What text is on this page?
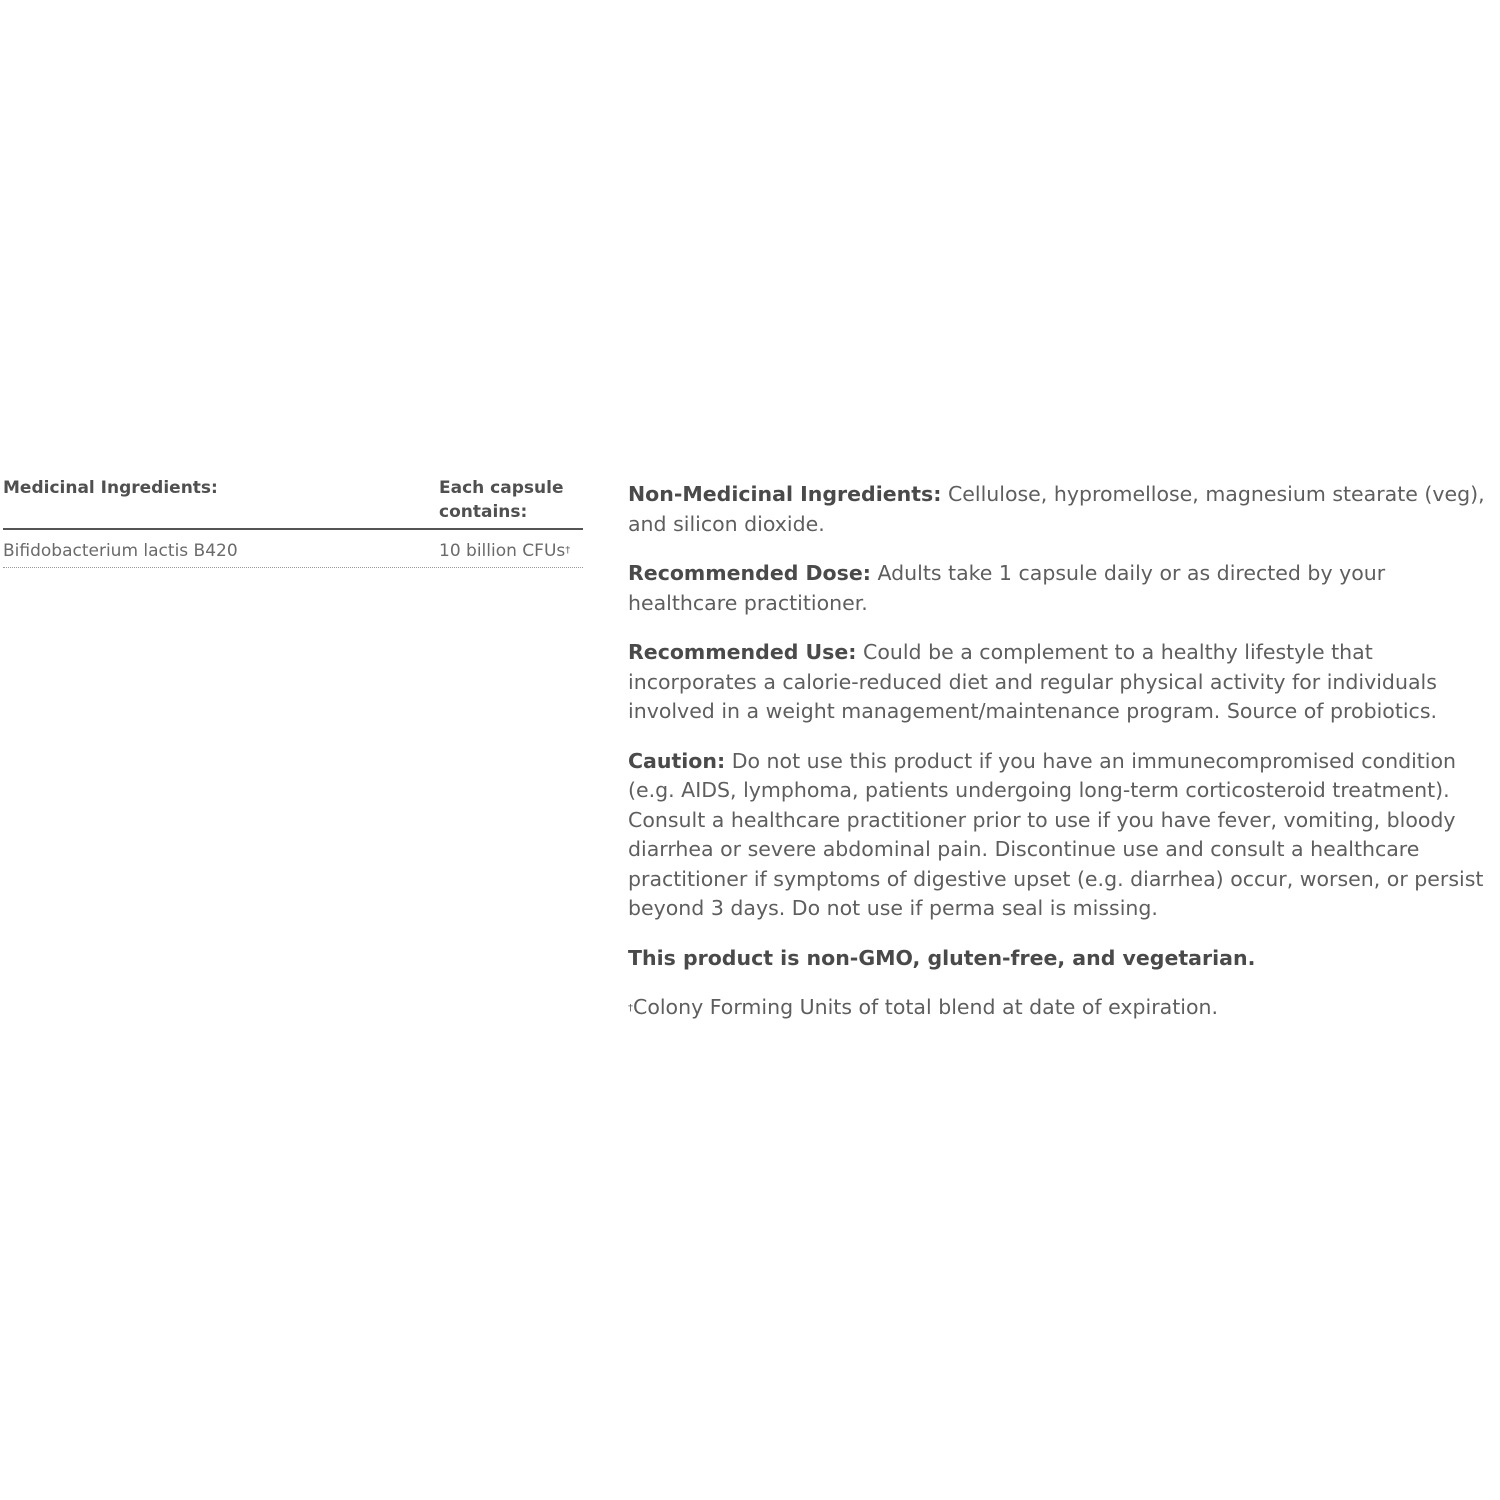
Medicinal Ingredients:	Each capsule contains:
Bifidobacterium lactis B420	10 billion CFUs†

Non-Medicinal Ingredients: Cellulose, hypromellose, magnesium stearate (veg), and silicon dioxide.

Recommended Dose: Adults take 1 capsule daily or as directed by your healthcare practitioner.

Recommended Use: Could be a complement to a healthy lifestyle that incorporates a calorie-reduced diet and regular physical activity for individuals involved in a weight management/maintenance program. Source of probiotics.

Caution: Do not use this product if you have an immunecompromised condition (e.g. AIDS, lymphoma, patients undergoing long-term corticosteroid treatment). Consult a healthcare practitioner prior to use if you have fever, vomiting, bloody diarrhea or severe abdominal pain. Discontinue use and consult a healthcare practitioner if symptoms of digestive upset (e.g. diarrhea) occur, worsen, or persist beyond 3 days. Do not use if perma seal is missing.

This product is non-GMO, gluten-free, and vegetarian.

†Colony Forming Units of total blend at date of expiration.
